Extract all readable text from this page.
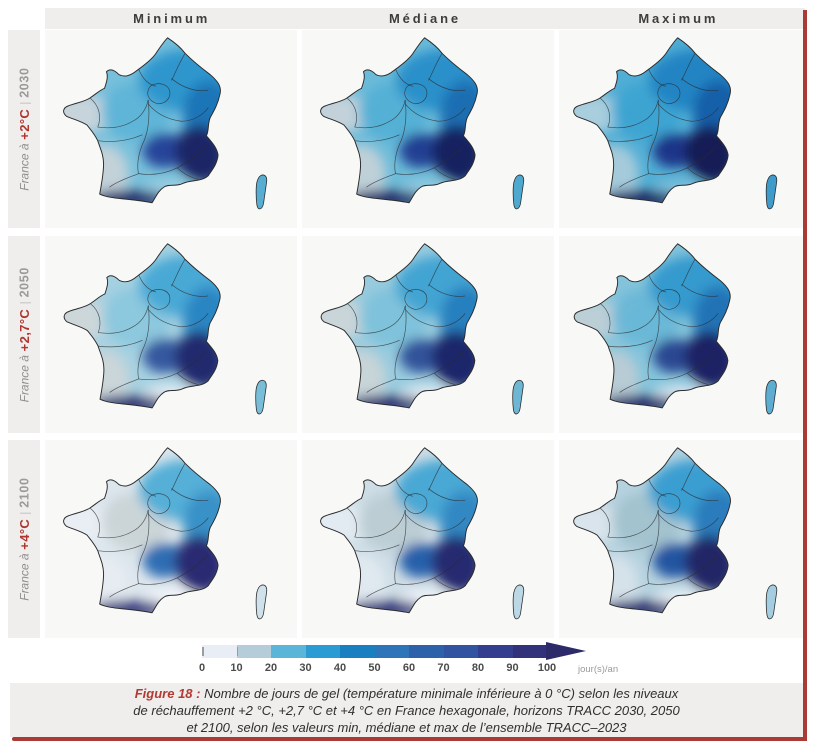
Minimum	Médiane	Maximum
France à
+2°C
|
2030
France à
+2,7°C
|
2050
France à
+4°C
|
2100
0 10 20 30 40 50 60 70 80 90 100 jour(s)/an
Figure 18 : Nombre de jours de gel (température minimale inférieure à 0 °C) selon les niveaux
de réchauffement +2 °C, +2,7 °C et +4 °C en France hexagonale, horizons TRACC 2030, 2050
et 2100, selon les valeurs min, médiane et max de l’ensemble TRACC–2023
